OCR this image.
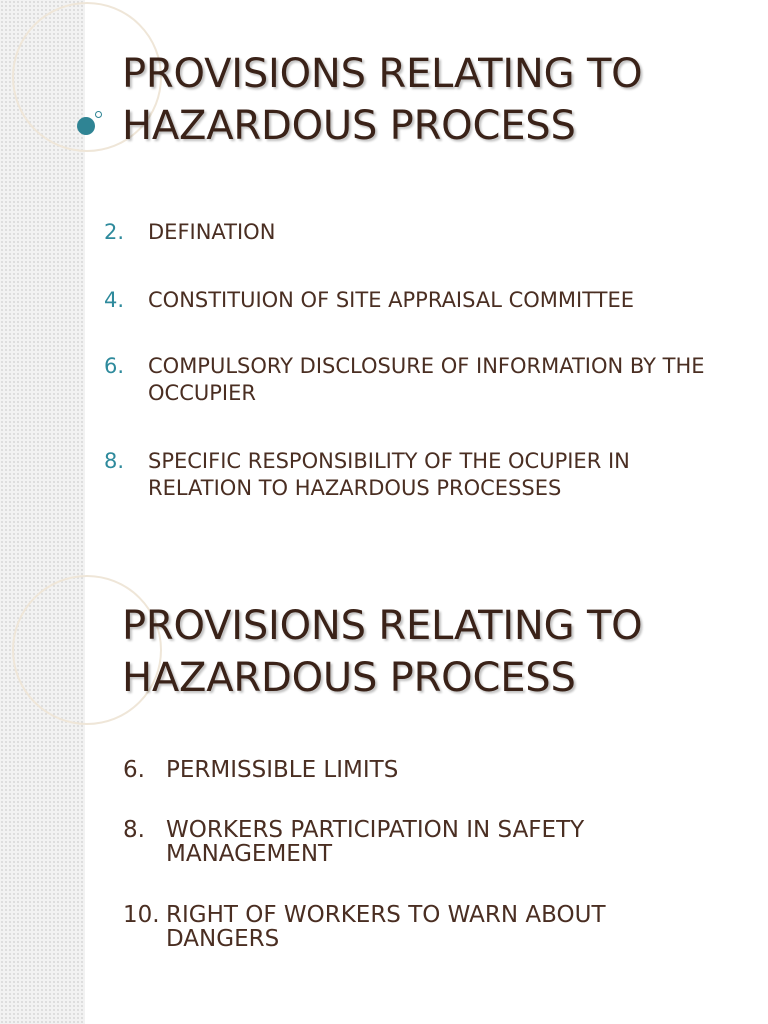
PROVISIONS RELATING TO
HAZARDOUS PROCESS
2.	DEFINATION
4.	CONSTITUION OF SITE APPRAISAL COMMITTEE
6.	COMPULSORY DISCLOSURE OF INFORMATION BY THE OCCUPIER
8.	SPECIFIC RESPONSIBILITY OF THE OCUPIER IN RELATION TO HAZARDOUS PROCESSES
PROVISIONS RELATING TO
HAZARDOUS PROCESS
6. PERMISSIBLE LIMITS
8. WORKERS PARTICIPATION IN SAFETY MANAGEMENT
10. RIGHT OF WORKERS TO WARN ABOUT DANGERS
